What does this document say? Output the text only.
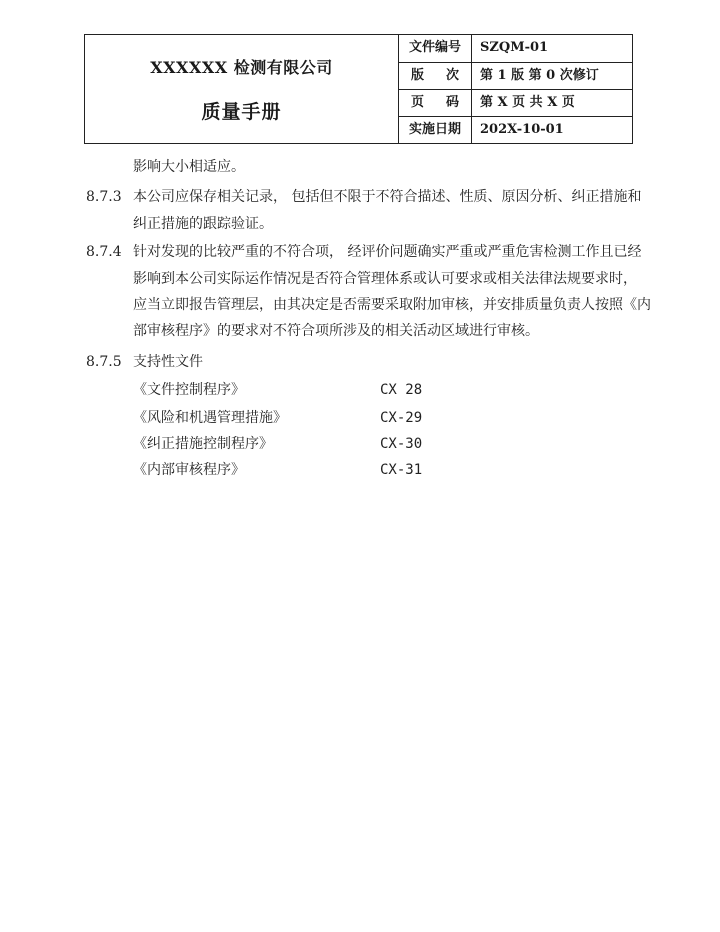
XXXXXX 检测有限公司
质量手册
文件编号	SZQM-01
版　次	第 1 版 第 0 次修订
页　码	第 X 页 共 X 页
实施日期	202X-10-01
影响大小相适应。
8.7.3 本公司应保存相关记录， 包括但不限于不符合描述、性质、原因分析、纠正措施和
纠正措施的跟踪验证。
8.7.4 针对发现的比较严重的不符合项， 经评价问题确实严重或严重危害检测工作且已经
影响到本公司实际运作情况是否符合管理体系或认可要求或相关法律法规要求时，
应当立即报告管理层，由其决定是否需要采取附加审核，并安排质量负责人按照《内
部审核程序》的要求对不符合项所涉及的相关活动区域进行审核。
8.7.5 支持性文件
《文件控制程序》	CX 28
《风险和机遇管理措施》	CX-29
《纠正措施控制程序》	CX-30
《内部审核程序》	CX-31
